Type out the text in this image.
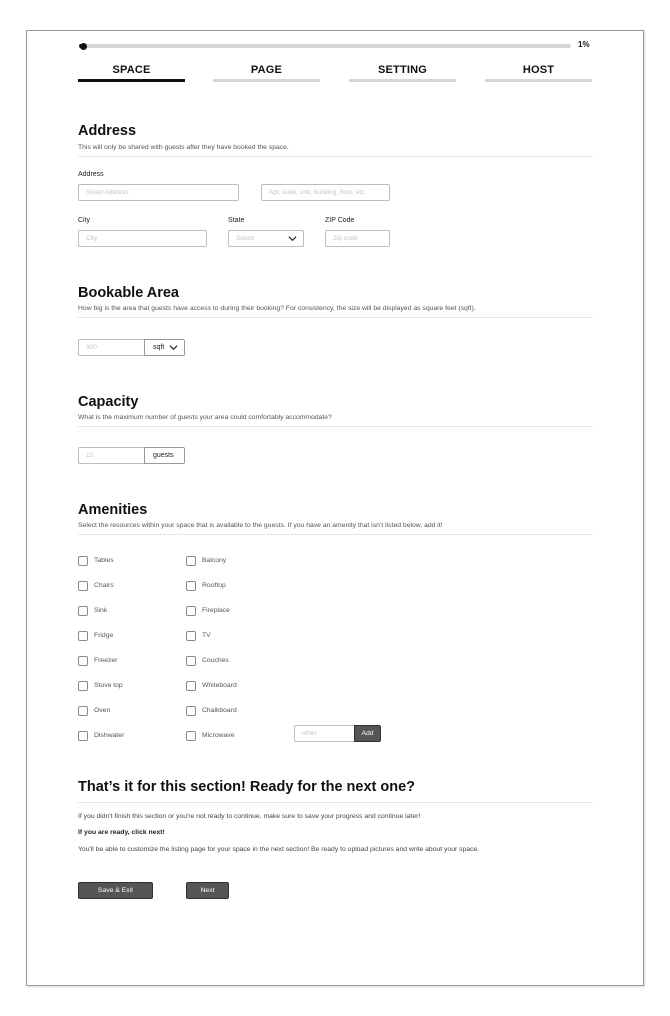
1%
SPACE	PAGE	SETTING	HOST
Address
This will only be shared with guests after they have booked the space.
Address
Street Address	Apt, suite, unit, building, floor, etc.
City
City
State
Select
ZIP Code
Zip code
Bookable Area
How big is the area that guests have access to during their booking? For consistency, the size will be displayed as square feet (sqft).
300	sqft
Capacity
What is the maximum number of guests your area could comfortably accommodate?
15	guests
Amenities
Select the resources within your space that is available to the guests. If you have an amenity that isn’t listed below, add it!
Tables
Chairs
Sink
Fridge
Freezer
Stove top
Oven
Dishwater
Balcony
Rooftop
Fireplace
TV
Couches
Whiteboard
Chalkboard
Microwave	other	Add
That’s it for this section! Ready for the next one?
If you didn't finish this section or you're not ready to continue, make sure to save your progress and continue later!
If you are ready, click next!
You'll be able to customize the listing page for your space in the next section! Be ready to upload pictures and write about your space.
Save & Exit	Next
